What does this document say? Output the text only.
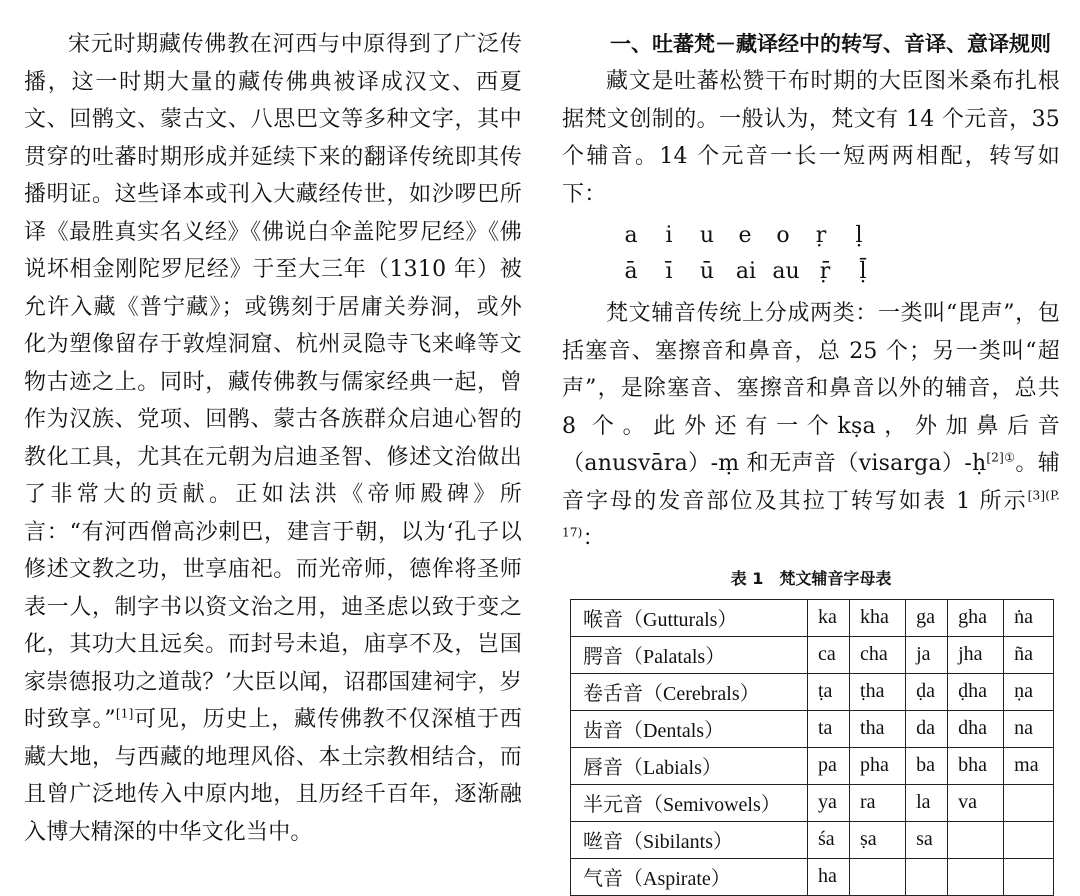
宋元时期藏传佛教在河西与中原得到了广泛传播，这一时期大量的藏传佛典被译成汉文、西夏文、回鹘文、蒙古文、八思巴文等多种文字，其中贯穿的吐蕃时期形成并延续下来的翻译传统即其传播明证。这些译本或刊入大藏经传世，如沙啰巴所译《最胜真实名义经》《佛说白伞盖陀罗尼经》《佛说坏相金刚陀罗尼经》于至大三年（1310 年）被允许入藏《普宁藏》；或镌刻于居庸关券洞，或外化为塑像留存于敦煌洞窟、杭州灵隐寺飞来峰等文物古迹之上。同时，藏传佛教与儒家经典一起，曾作为汉族、党项、回鹘、蒙古各族群众启迪心智的教化工具，尤其在元朝为启迪圣智、修述文治做出了非常大的贡献。正如法洪《帝师殿碑》所言：“有河西僧高沙剌巴，建言于朝，以为‘孔子以修述文教之功，世享庙祀。而光帝师，德侔将圣师表一人，制字书以资文治之用，迪圣虑以致于变之化，其功大且远矣。而封号未追，庙享不及，岂国家崇德报功之道哉？’大臣以闻，诏郡国建祠宇，岁时致享。”[1]可见，历史上，藏传佛教不仅深植于西藏大地，与西藏的地理风俗、本土宗教相结合，而且曾广泛地传入中原内地，且历经千百年，逐渐融入博大精深的中华文化当中。

一、吐蕃梵－藏译经中的转写、音译、意译规则

藏文是吐蕃松赞干布时期的大臣图米桑布扎根据梵文创制的。一般认为，梵文有 14 个元音，35 个辅音。14 个元音一长一短两两相配，转写如下：

a	i	u	e	o	ṛ	ḷ
ā	ī	ū ai au ṝ	ḹ

梵文辅音传统上分成两类：一类叫“毘声”，包括塞音、塞擦音和鼻音，总 25 个；另一类叫“超声”，是除塞音、塞擦音和鼻音以外的辅音，总共 8 个。此外还有一个kṣa，外加鼻后音（anusvāra）-ṃ 和无声音（visarga）-ḥ$^{[2]①}$。辅音字母的发音部位及其拉丁转写如表 1 所示$^{[3](P. 17)}$：

表 1　梵文辅音字母表
喉音（Gutturals）	ka	kha	ga	gha	ṅa
腭音（Palatals）	ca	cha	ja	jha	ña
卷舌音（Cerebrals）	ṭa	ṭha	ḍa	ḍha	ṇa
齿音（Dentals）	ta	tha	da	dha	na
唇音（Labials）	pa	pha	ba	bha	ma
半元音（Semivowels）	ya	ra	la	va	
咝音（Sibilants）	śa	ṣa	sa		
气音（Aspirate）	ha				
